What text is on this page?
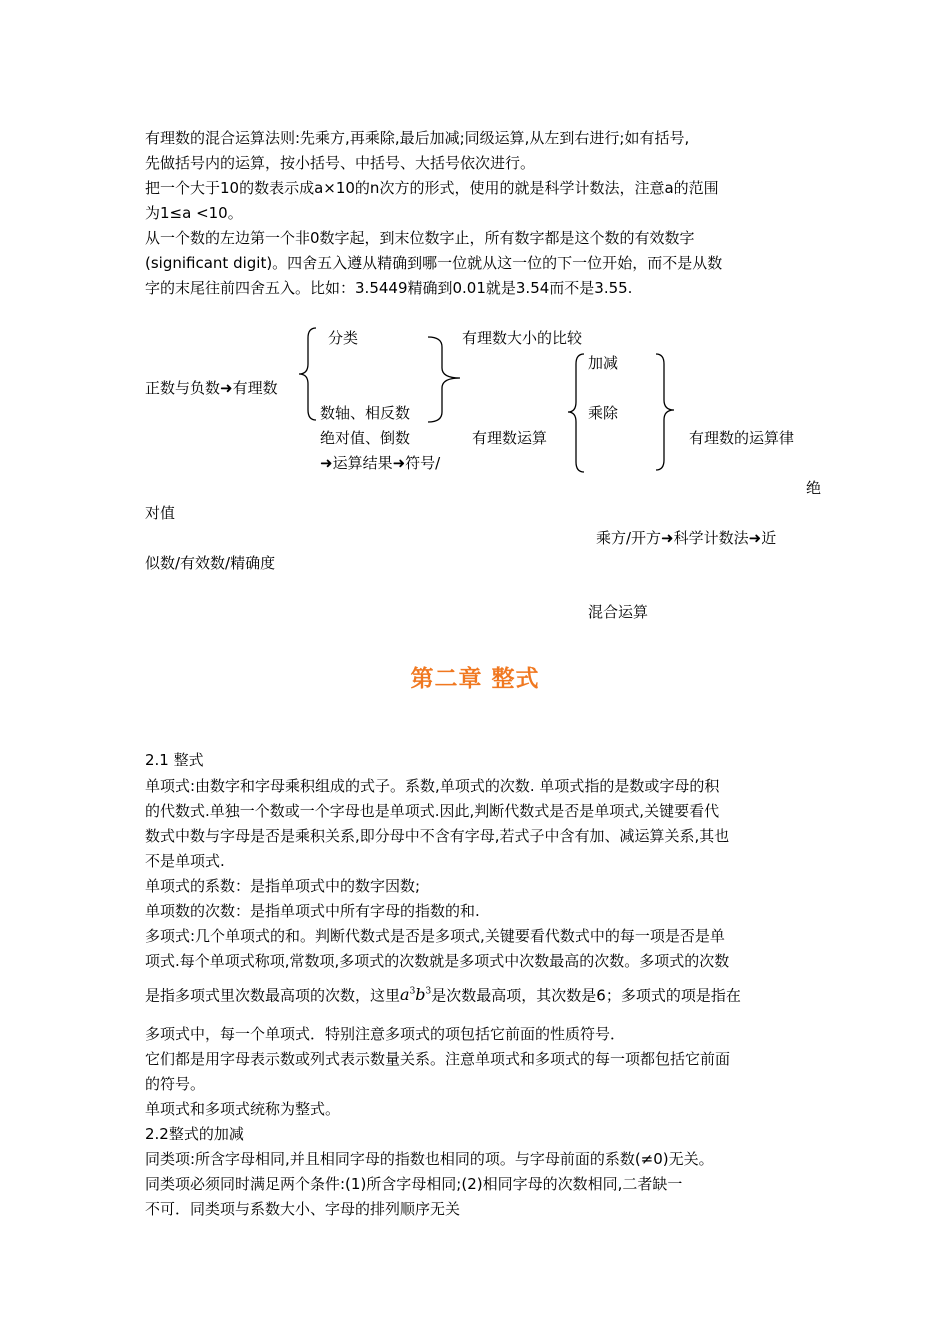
有理数的混合运算法则:先乘方,再乘除,最后加减;同级运算,从左到右进行;如有括号,
先做括号内的运算，按小括号、中括号、大括号依次进行。
把一个大于10的数表示成a×10的n次方的形式，使用的就是科学计数法，注意a的范围
为1≤a <10。
从一个数的左边第一个非0数字起，到末位数字止，所有数字都是这个数的有效数字
(significant digit)。四舍五入遵从精确到哪一位就从这一位的下一位开始，而不是从数
字的末尾往前四舍五入。比如：3.5449精确到0.01就是3.54而不是3.55.
分类	有理数大小的比较
加减
正数与负数➜有理数
数轴、相反数	乘除
绝对值、倒数	有理数运算	有理数的运算律
➜运算结果➜符号/
绝
对值
乘方/开方➜科学计数法➜近
似数/有效数/精确度
混合运算
第二章 整式
2.1 整式
单项式:由数字和字母乘积组成的式子。系数,单项式的次数. 单项式指的是数或字母的积
的代数式.单独一个数或一个字母也是单项式.因此,判断代数式是否是单项式,关键要看代
数式中数与字母是否是乘积关系,即分母中不含有字母,若式子中含有加、减运算关系,其也
不是单项式.
单项式的系数：是指单项式中的数字因数;
单项数的次数：是指单项式中所有字母的指数的和.
多项式:几个单项式的和。判断代数式是否是多项式,关键要看代数式中的每一项是否是单
项式.每个单项式称项,常数项,多项式的次数就是多项式中次数最高的次数。多项式的次数
是指多项式里次数最高项的次数，这里$a^3b^3$是次数最高项，其次数是6；多项式的项是指在
多项式中，每一个单项式．特别注意多项式的项包括它前面的性质符号．
它们都是用字母表示数或列式表示数量关系。注意单项式和多项式的每一项都包括它前面
的符号。
单项式和多项式统称为整式。
2.2整式的加减
同类项:所含字母相同,并且相同字母的指数也相同的项。与字母前面的系数(≠0)无关。
同类项必须同时满足两个条件:(1)所含字母相同;(2)相同字母的次数相同,二者缺一
不可．同类项与系数大小、字母的排列顺序无关
